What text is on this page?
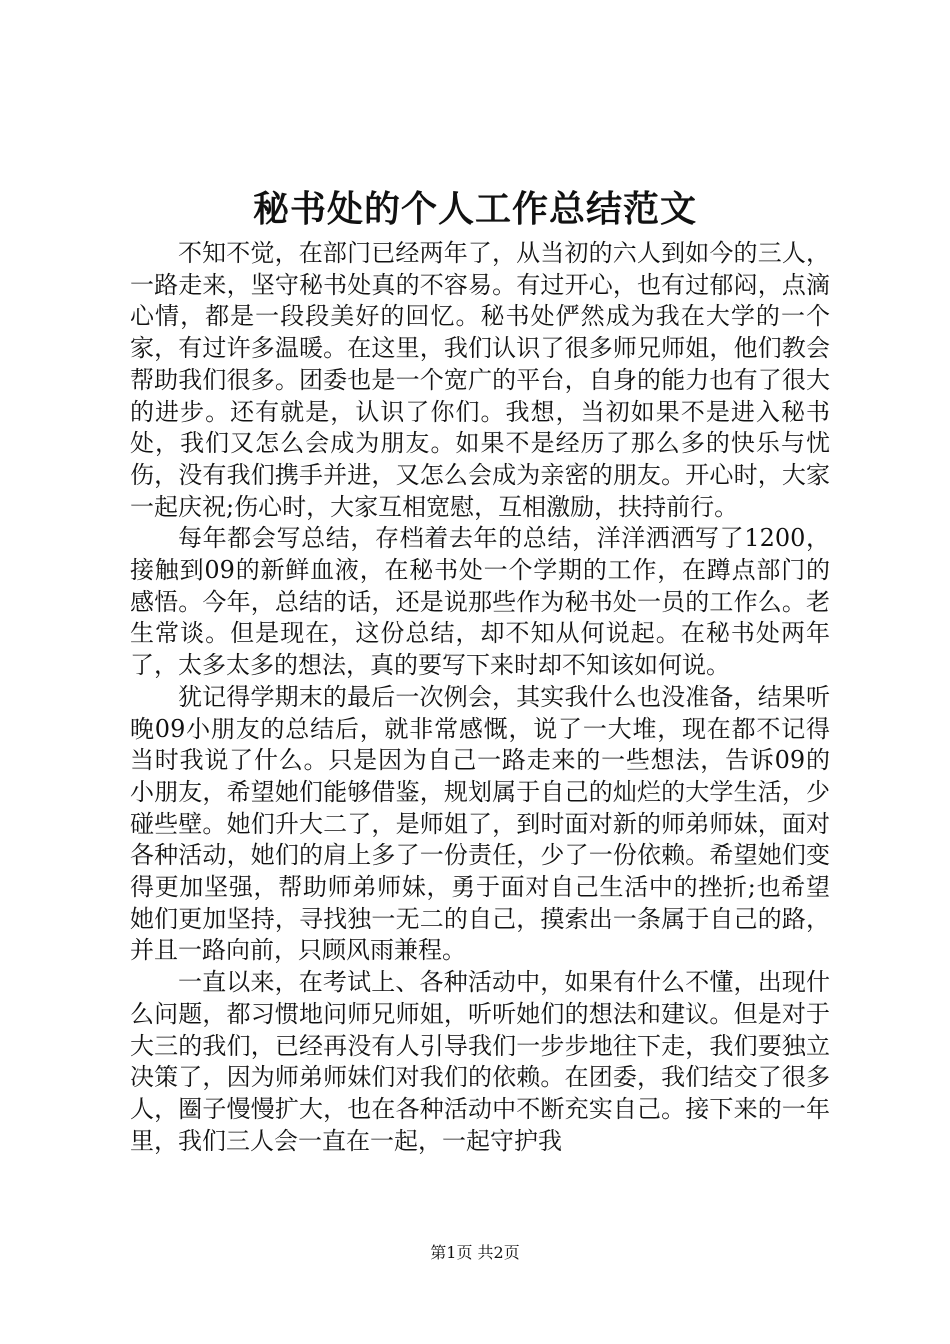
秘书处的个人工作总结范文

不知不觉，在部门已经两年了，从当初的六人到如今的三人，一路走来，坚守秘书处真的不容易。有过开心，也有过郁闷，点滴心情，都是一段段美好的回忆。秘书处俨然成为我在大学的一个家，有过许多温暖。在这里，我们认识了很多师兄师姐，他们教会帮助我们很多。团委也是一个宽广的平台，自身的能力也有了很大的进步。还有就是，认识了你们。我想，当初如果不是进入秘书处，我们又怎么会成为朋友。如果不是经历了那么多的快乐与忧伤，没有我们携手并进，又怎么会成为亲密的朋友。开心时，大家一起庆祝;伤心时，大家互相宽慰，互相激励，扶持前行。

每年都会写总结，存档着去年的总结，洋洋洒洒写了1200，接触到09的新鲜血液，在秘书处一个学期的工作，在蹲点部门的感悟。今年，总结的话，还是说那些作为秘书处一员的工作么。老生常谈。但是现在，这份总结，却不知从何说起。在秘书处两年了，太多太多的想法，真的要写下来时却不知该如何说。

犹记得学期末的最后一次例会，其实我什么也没准备，结果听晚09小朋友的总结后，就非常感慨，说了一大堆，现在都不记得当时我说了什么。只是因为自己一路走来的一些想法，告诉09的小朋友，希望她们能够借鉴，规划属于自己的灿烂的大学生活，少碰些壁。她们升大二了，是师姐了，到时面对新的师弟师妹，面对各种活动，她们的肩上多了一份责任，少了一份依赖。希望她们变得更加坚强，帮助师弟师妹，勇于面对自己生活中的挫折;也希望她们更加坚持，寻找独一无二的自己，摸索出一条属于自己的路，并且一路向前，只顾风雨兼程。

一直以来，在考试上、各种活动中，如果有什么不懂，出现什么问题，都习惯地问师兄师姐，听听她们的想法和建议。但是对于大三的我们，已经再没有人引导我们一步步地往下走，我们要独立决策了，因为师弟师妹们对我们的依赖。在团委，我们结交了很多人，圈子慢慢扩大，也在各种活动中不断充实自己。接下来的一年里，我们三人会一直在一起，一起守护我

第1页 共2页
